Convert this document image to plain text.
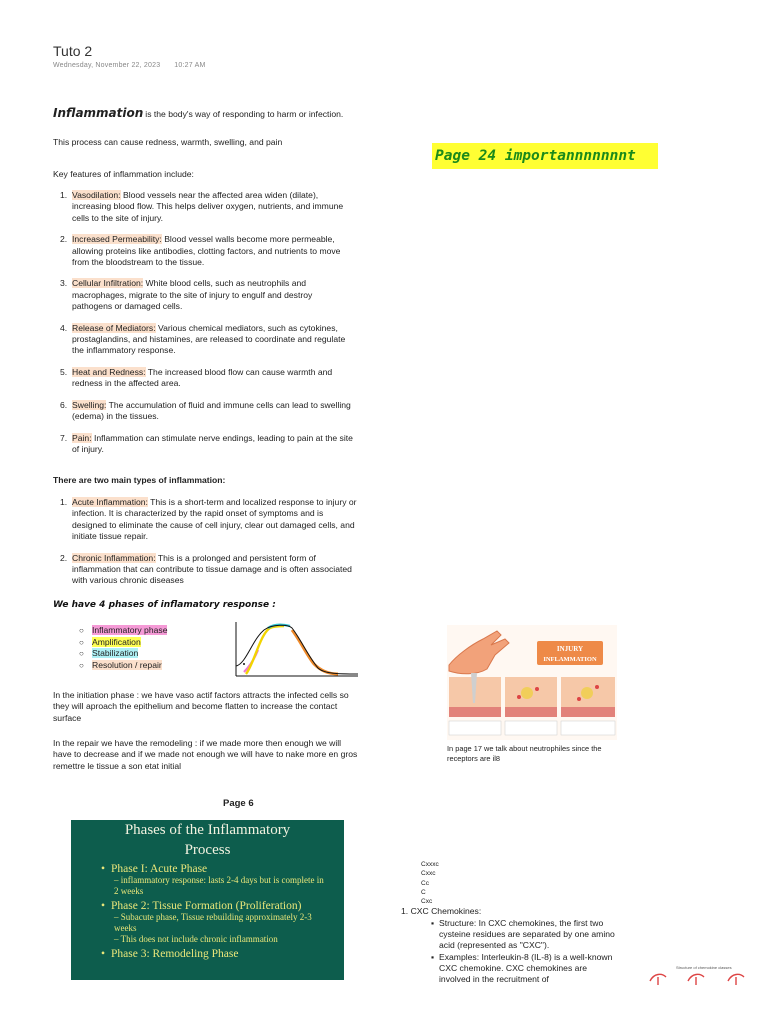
Tuto 2
Wednesday, November 22, 2023 10:27 AM
Inflammation is the body's way of responding to harm or infection.
This process can cause redness, warmth, swelling, and pain
Key features of inflammation include:
Page 24 importannnnnnnt
1. Vasodilation: Blood vessels near the affected area widen (dilate), increasing blood flow. This helps deliver oxygen, nutrients, and immune cells to the site of injury.
2. Increased Permeability: Blood vessel walls become more permeable, allowing proteins like antibodies, clotting factors, and nutrients to move from the bloodstream to the tissue.
3. Cellular Infiltration: White blood cells, such as neutrophils and macrophages, migrate to the site of injury to engulf and destroy pathogens or damaged cells.
4. Release of Mediators: Various chemical mediators, such as cytokines, prostaglandins, and histamines, are released to coordinate and regulate the inflammatory response.
5. Heat and Redness: The increased blood flow can cause warmth and redness in the affected area.
6. Swelling: The accumulation of fluid and immune cells can lead to swelling (edema) in the tissues.
7. Pain: Inflammation can stimulate nerve endings, leading to pain at the site of injury.
There are two main types of inflammation:
1. Acute Inflammation: This is a short-term and localized response to injury or infection. It is characterized by the rapid onset of symptoms and is designed to eliminate the cause of cell injury, clear out damaged cells, and initiate tissue repair.
2. Chronic Inflammation: This is a prolonged and persistent form of inflammation that can contribute to tissue damage and is often associated with various chronic diseases
We have 4 phases of inflamatory response :
○ Inflammatory phase
○ Amplification
○ Stabilization
○ Resolution / repair
In the initiation phase : we have vaso actif factors attracts the infected cells so they will aproach the epithelium and become flatten to increase the contact surface
In the repair we have the remodeling : if we made more then enough we will have to decrease and if we made not enough we will have to nake more en gros remettre le tissue a son etat initial
INJURY
INFLAMMATION
In page 17 we talk about neutrophiles since the receptors are il8
Page 6
Phases of the Inflammatory
Process
• Phase I: Acute Phase
– inflammatory response: lasts 2-4 days but is complete in 2 weeks
• Phase 2: Tissue Formation (Proliferation)
– Subacute phase, Tissue rebuilding approximately 2-3 weeks
– This does not include chronic inflammation
• Phase 3: Remodeling Phase
Cxxxc
Cxxc
Cc
C
Cxc
1. CXC Chemokines:
▪ Structure: In CXC chemokines, the first two cysteine residues are separated by one amino acid (represented as "CXC").
▪ Examples: Interleukin-8 (IL-8) is a well-known CXC chemokine. CXC chemokines are involved in the recruitment of
Structure of chemokine classes
